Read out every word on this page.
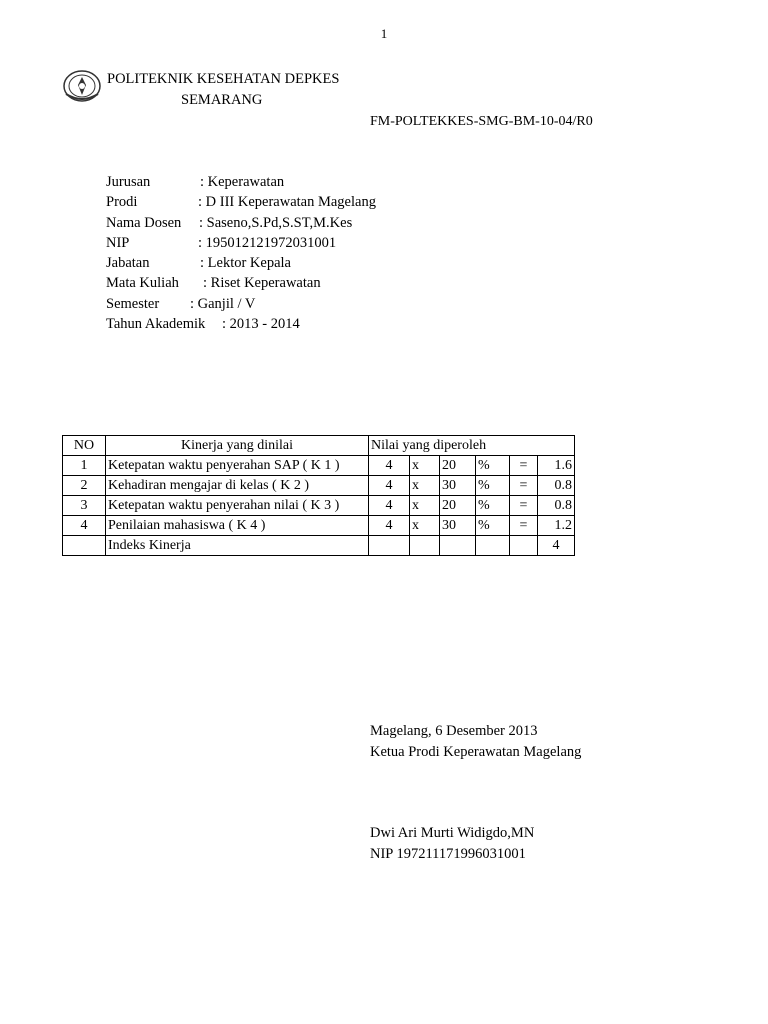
1
POLITEKNIK KESEHATAN DEPKES
SEMARANG
FM-POLTEKKES-SMG-BM-10-04/R0
Jurusan	: Keperawatan
Prodi	: D III Keperawatan Magelang
Nama Dosen : Saseno,S.Pd,S.ST,M.Kes
NIP	: 195012121972031001
Jabatan	: Lektor Kepala
Mata Kuliah : Riset Keperawatan
Semester : Ganjil / V
Tahun Akademik : 2013 - 2014
NO	Kinerja yang dinilai	Nilai yang diperoleh					
1	Ketepatan waktu penyerahan SAP ( K 1 )	4	x	20	%	=	1.6
2	Kehadiran mengajar di kelas ( K 2 )	4	x	30	%	=	0.8
3	Ketepatan waktu penyerahan nilai ( K 3 )	4	x	20	%	=	0.8
4	Penilaian mahasiswa ( K 4 )	4	x	30	%	=	1.2
	Indeks Kinerja						4
Magelang, 6 Desember 2013
Ketua Prodi Keperawatan Magelang
Dwi Ari Murti Widigdo,MN
NIP 197211171996031001
